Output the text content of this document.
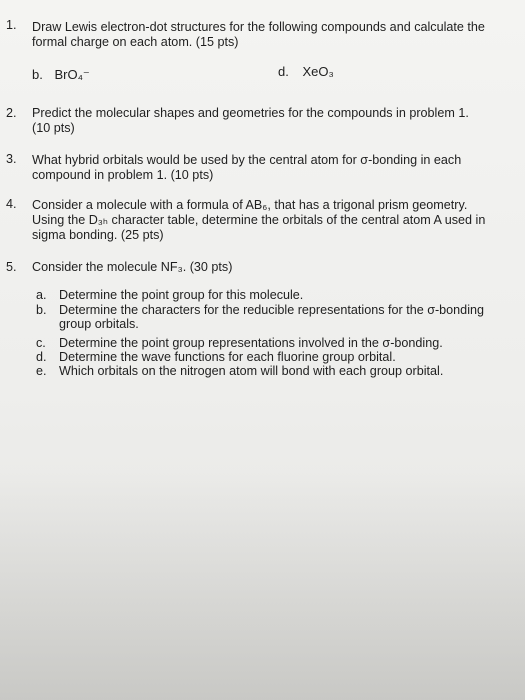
1. Draw Lewis electron-dot structures for the following compounds and calculate the
formal charge on each atom. (15 pts)
b. BrO₄⁻	d. XeO₃
2. Predict the molecular shapes and geometries for the compounds in problem 1.
(10 pts)
3. What hybrid orbitals would be used by the central atom for σ-bonding in each
compound in problem 1. (10 pts)
4. Consider a molecule with a formula of AB₆, that has a trigonal prism geometry.
Using the D₃ₕ character table, determine the orbitals of the central atom A used in
sigma bonding. (25 pts)
5. Consider the molecule NF₃. (30 pts)
a. Determine the point group for this molecule.
b. Determine the characters for the reducible representations for the σ-bonding
group orbitals.
c. Determine the point group representations involved in the σ-bonding.
d. Determine the wave functions for each fluorine group orbital.
e. Which orbitals on the nitrogen atom will bond with each group orbital.
